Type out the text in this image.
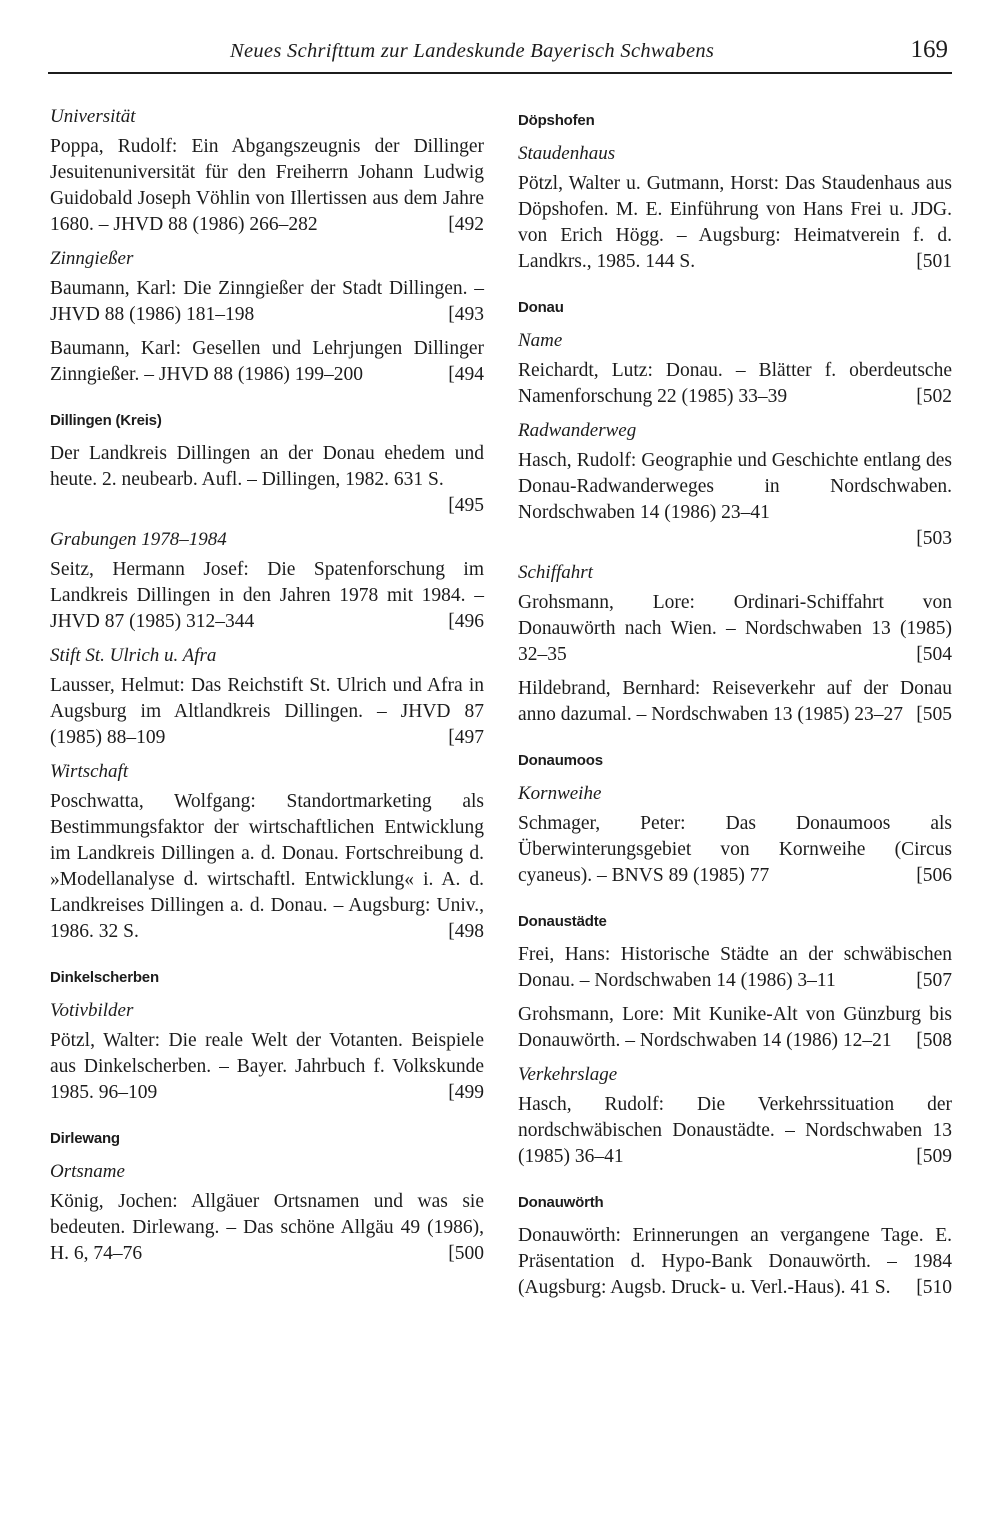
Neues Schrifttum zur Landeskunde Bayerisch Schwabens	169
Universität

Poppa, Rudolf: Ein Abgangszeugnis der Dillinger Jesuitenuniversität für den Freiherrn Johann Ludwig Guidobald Joseph Vöhlin von Illertissen aus dem Jahre 1680. – JHVD 88 (1986) 266–282	[492

Zinngießer

Baumann, Karl: Die Zinngießer der Stadt Dillingen. – JHVD 88 (1986) 181–198	[493

Baumann, Karl: Gesellen und Lehrjungen Dillinger Zinngießer. – JHVD 88 (1986) 199–200	[494

Dillingen (Kreis)

Der Landkreis Dillingen an der Donau ehedem und heute. 2. neubearb. Aufl. – Dillingen, 1982. 631 S.
[495

Grabungen 1978–1984

Seitz, Hermann Josef: Die Spatenforschung im Landkreis Dillingen in den Jahren 1978 mit 1984. – JHVD 87 (1985) 312–344	[496

Stift St. Ulrich u. Afra

Lausser, Helmut: Das Reichstift St. Ulrich und Afra in Augsburg im Altlandkreis Dillingen. – JHVD 87 (1985) 88–109	[497

Wirtschaft

Poschwatta, Wolfgang: Standortmarketing als Bestimmungsfaktor der wirtschaftlichen Entwicklung im Landkreis Dillingen a. d. Donau. Fortschreibung d. »Modellanalyse d. wirtschaftl. Entwicklung« i. A. d. Landkreises Dillingen a. d. Donau. – Augsburg: Univ., 1986. 32 S.	[498

Dinkelscherben
Votivbilder

Pötzl, Walter: Die reale Welt der Votanten. Beispiele aus Dinkelscherben. – Bayer. Jahrbuch f. Volkskunde 1985. 96–109	[499

Dirlewang
Ortsname

König, Jochen: Allgäuer Ortsnamen und was sie bedeuten. Dirlewang. – Das schöne Allgäu 49 (1986), H. 6, 74–76	[500

Döpshofen
Staudenhaus

Pötzl, Walter u. Gutmann, Horst: Das Staudenhaus aus Döpshofen. M. E. Einführung von Hans Frei u. JDG. von Erich Högg. – Augsburg: Heimatverein f. d. Landkrs., 1985. 144 S.	[501

Donau
Name

Reichardt, Lutz: Donau. – Blätter f. oberdeutsche Namenforschung 22 (1985) 33–39	[502

Radwanderweg

Hasch, Rudolf: Geographie und Geschichte entlang des Donau-Radwanderweges in Nordschwaben. Nordschwaben 14 (1986) 23–41
[503

Schiffahrt

Grohsmann, Lore: Ordinari-Schiffahrt von Donauwörth nach Wien. – Nordschwaben 13 (1985) 32–35	[504

Hildebrand, Bernhard: Reiseverkehr auf der Donau anno dazumal. – Nordschwaben 13 (1985) 23–27 [505

Donaumoos
Kornweihe

Schmager, Peter: Das Donaumoos als Überwinterungsgebiet von Kornweihe (Circus cyaneus). – BNVS 89 (1985) 77	[506

Donaustädte

Frei, Hans: Historische Städte an der schwäbischen Donau. – Nordschwaben 14 (1986) 3–11	[507

Grohsmann, Lore: Mit Kunike-Alt von Günzburg bis Donauwörth. – Nordschwaben 14 (1986) 12–21 [508

Verkehrslage

Hasch, Rudolf: Die Verkehrssituation der nordschwäbischen Donaustädte. – Nordschwaben 13 (1985) 36–41	[509

Donauwörth

Donauwörth: Erinnerungen an vergangene Tage. E. Präsentation d. Hypo-Bank Donauwörth. – 1984 (Augsburg: Augsb. Druck- u. Verl.-Haus). 41 S. [510
